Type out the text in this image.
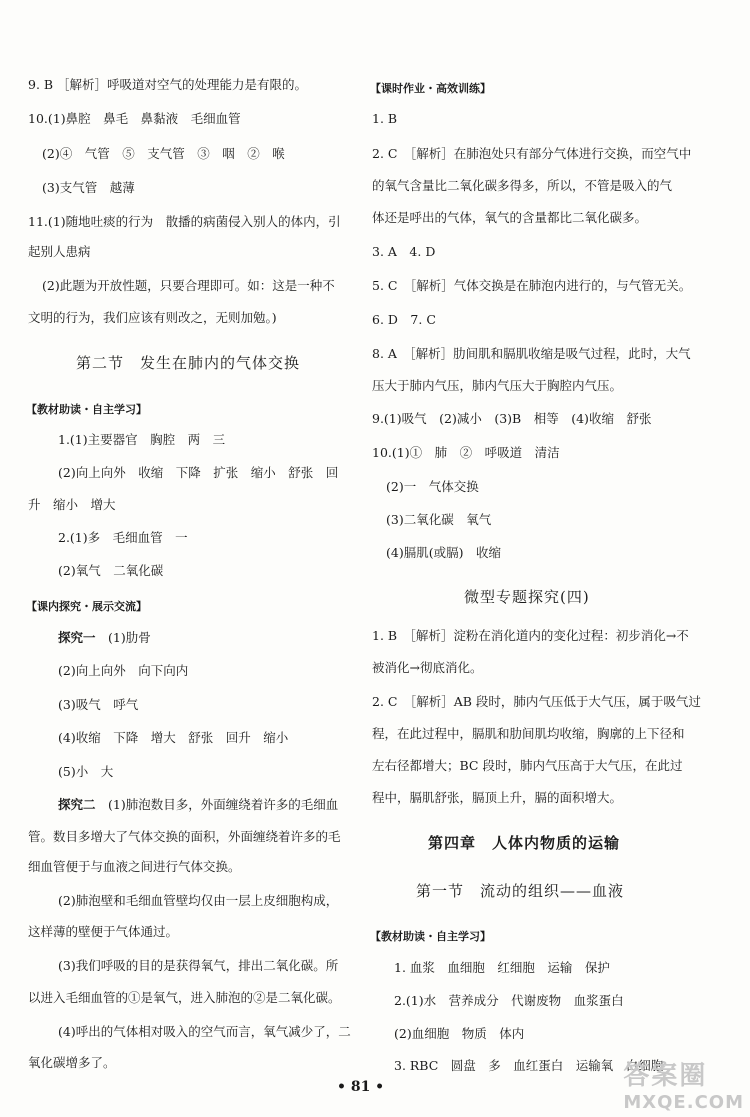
9. B ［解析］呼吸道对空气的处理能力是有限的。
10.(1)鼻腔　鼻毛　鼻黏液　毛细血管
(2)④　气管　⑤　支气管　③　咽　②　喉
(3)支气管　越薄
11.(1)随地吐痰的行为　散播的病菌侵入别人的体内，引
起别人患病
(2)此题为开放性题，只要合理即可。如：这是一种不
文明的行为，我们应该有则改之，无则加勉。)
第二节　发生在肺内的气体交换
【教材助读・自主学习】
1.(1)主要器官　胸腔　两　三
(2)向上向外　收缩　下降　扩张　缩小　舒张　回
升　缩小　增大
2.(1)多　毛细血管　一
(2)氧气　二氧化碳
【课内探究・展示交流】
探究一　(1)肋骨
(2)向上向外　向下向内
(3)吸气　呼气
(4)收缩　下降　增大　舒张　回升　缩小
(5)小　大
探究二　(1)肺泡数目多，外面缠绕着许多的毛细血
管。数目多增大了气体交换的面积，外面缠绕着许多的毛
细血管便于与血液之间进行气体交换。
(2)肺泡壁和毛细血管壁均仅由一层上皮细胞构成，
这样薄的壁便于气体通过。
(3)我们呼吸的目的是获得氧气，排出二氧化碳。所
以进入毛细血管的①是氧气，进入肺泡的②是二氧化碳。
(4)呼出的气体相对吸入的空气而言，氧气减少了，二
氧化碳增多了。
【课时作业・高效训练】
1. B
2. C　［解析］在肺泡处只有部分气体进行交换，而空气中
的氧气含量比二氧化碳多得多，所以，不管是吸入的气
体还是呼出的气体，氧气的含量都比二氧化碳多。
3. A　4. D
5. C　［解析］气体交换是在肺泡内进行的，与气管无关。
6. D　7. C
8. A　［解析］肋间肌和膈肌收缩是吸气过程，此时，大气
压大于肺内气压，肺内气压大于胸腔内气压。
9.(1)吸气　(2)减小　(3)B　相等　(4)收缩　舒张
10.(1)①　肺　②　呼吸道　清洁
(2)一　气体交换
(3)二氧化碳　氧气
(4)膈肌(或膈)　收缩
微型专题探究(四)
1. B　［解析］淀粉在消化道内的变化过程：初步消化→不
被消化→彻底消化。
2. C　［解析］AB 段时，肺内气压低于大气压，属于吸气过
程，在此过程中，膈肌和肋间肌均收缩，胸廓的上下径和
左右径都增大；BC 段时，肺内气压高于大气压，在此过
程中，膈肌舒张，膈顶上升，膈的面积增大。
第四章　人体内物质的运输
第一节　流动的组织——血液
【教材助读・自主学习】
1. 血浆　血细胞　红细胞　运输　保护
2.(1)水　营养成分　代谢废物　血浆蛋白
(2)血细胞　物质　体内
3. RBC　圆盘　多　血红蛋白　运输氧　白细胞
• 81 •	答案圈
MXQE.COM
